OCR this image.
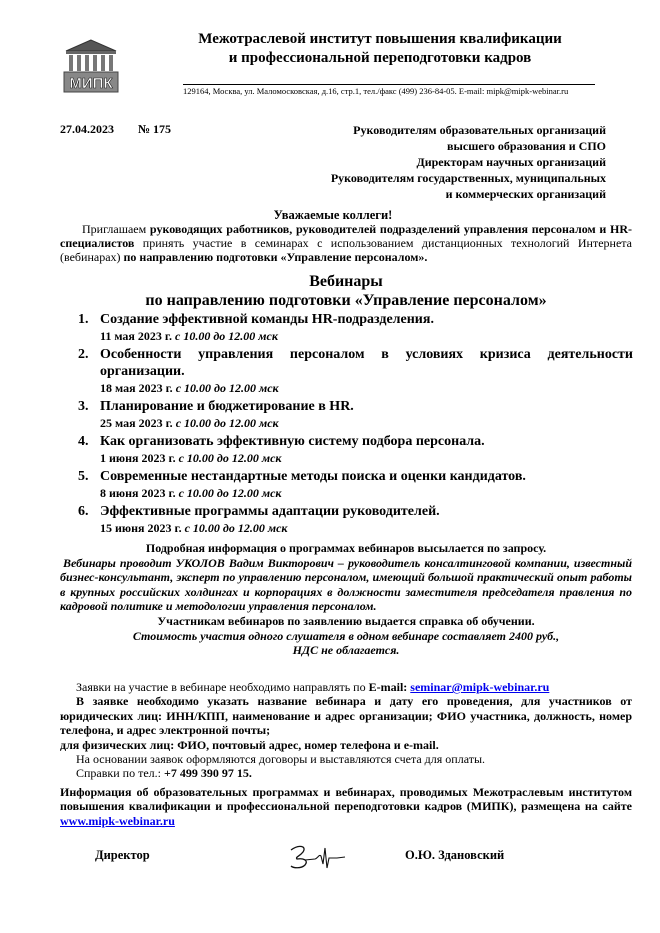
МИПК
Межотраслевой институт повышения квалификации
и профессиональной переподготовки кадров
129164, Москва, ул. Маломосковская, д.16, стр.1, тел./факс (499) 236-84-05. E-mail: mipk@mipk-webinar.ru
27.04.2023 № 175	Руководителям образовательных организаций
высшего образования и СПО
Директорам научных организаций
Руководителям государственных, муниципальных
и коммерческих организаций
Уважаемые коллеги!
Приглашаем руководящих работников, руководителей подразделений управления персоналом и HR-специалистов принять участие в семинарах с использованием дистанционных технологий Интернета (вебинарах) по направлению подготовки «Управление персоналом».
Вебинары
по направлению подготовки «Управление персоналом»
1. Создание эффективной команды HR-подразделения.
11 мая 2023 г. с 10.00 до 12.00 мск
2. Особенности управления персоналом в условиях кризиса деятельности организации.
18 мая 2023 г. с 10.00 до 12.00 мск
3. Планирование и бюджетирование в HR.
25 мая 2023 г. с 10.00 до 12.00 мск
4. Как организовать эффективную систему подбора персонала.
1 июня 2023 г. с 10.00 до 12.00 мск
5. Современные нестандартные методы поиска и оценки кандидатов.
8 июня 2023 г. с 10.00 до 12.00 мск
6. Эффективные программы адаптации руководителей.
15 июня 2023 г. с 10.00 до 12.00 мск
Подробная информация о программах вебинаров высылается по запросу.
Вебинары проводит УКОЛОВ Вадим Викторович – руководитель консалтинговой компании, известный бизнес-консультант, эксперт по управлению персоналом, имеющий большой практический опыт работы в крупных российских холдингах и корпорациях в должности заместителя председателя правления по кадровой политике и методологии управления персоналом.
Участникам вебинаров по заявлению выдается справка об обучении.
Стоимость участия одного слушателя в одном вебинаре составляет 2400 руб.,
НДС не облагается.
Заявки на участие в вебинаре необходимо направлять по E-mail: seminar@mipk-webinar.ru
В заявке необходимо указать название вебинара и дату его проведения, для участников от юридических лиц: ИНН/КПП, наименование и адрес организации; ФИО участника, должность, номер телефона, и адрес электронной почты;
для физических лиц: ФИО, почтовый адрес, номер телефона и e-mail.
На основании заявок оформляются договоры и выставляются счета для оплаты.
Справки по тел.: +7 499 390 97 15.
Информация об образовательных программах и вебинарах, проводимых Межотраслевым институтом повышения квалификации и профессиональной переподготовки кадров (МИПК), размещена на сайте www.mipk-webinar.ru
Директор	О.Ю. Здановский
